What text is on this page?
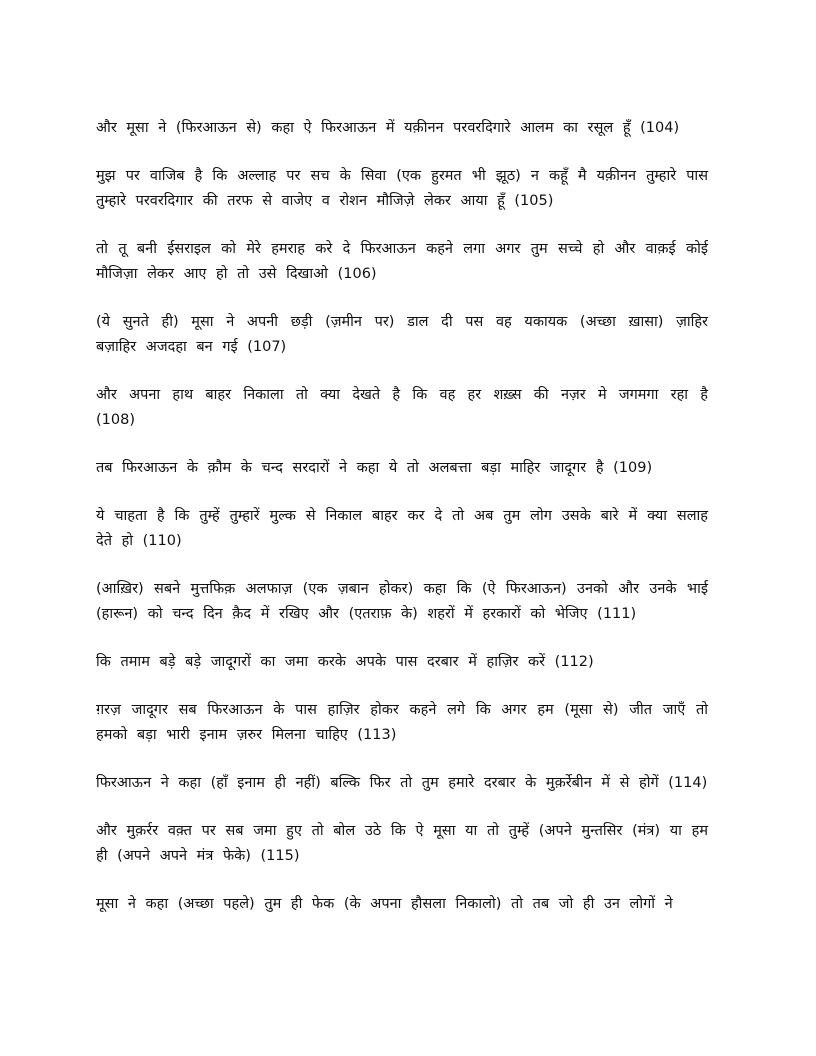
और मूसा ने (फिरआऊन से) कहा ऐ फिरआऊन में यक़ीनन परवरदिगारे आलम का रसूल हूँ (104)

मुझ पर वाजिब है कि अल्लाह पर सच के सिवा (एक हुरमत भी झूठ) न कहूँ मै यक़ीनन तुम्हारे पास तुम्हारे परवरदिगार की तरफ से वाजेए व रोशन मौजिज़े लेकर आया हूँ (105)

तो तू बनी ईसराइल को मेरे हमराह करे दे फिरआऊन कहने लगा अगर तुम सच्चे हो और वाक़ई कोई मौजिज़ा लेकर आए हो तो उसे दिखाओ (106)

(ये सुनते ही) मूसा ने अपनी छड़ी (ज़मीन पर) डाल दी पस वह यकायक (अच्छा ख़ासा) ज़ाहिर बज़ाहिर अजदहा बन गई (107)

और अपना हाथ बाहर निकाला तो क्या देखते है कि वह हर शख़्स की नज़र मे जगमगा रहा है (108)

तब फिरआऊन के क़ौम के चन्द सरदारों ने कहा ये तो अलबत्ता बड़ा माहिर जादूगर है (109)

ये चाहता है कि तुम्हें तुम्हारें मुल्क से निकाल बाहर कर दे तो अब तुम लोग उसके बारे में क्या सलाह देते हो (110)

(आख़िर) सबने मुत्तफिक़ अलफाज़ (एक ज़बान होकर) कहा कि (ऐ फिरआऊन) उनको और उनके भाई (हारून) को चन्द दिन क़ैद में रखिए और (एतराफ़ के) शहरों में हरकारों को भेजिए (111)

कि तमाम बड़े बड़े जादूगरों का जमा करके अपके पास दरबार में हाज़िर करें (112)

ग़रज़ जादूगर सब फिरआऊन के पास हाज़िर होकर कहने लगे कि अगर हम (मूसा से) जीत जाएँ तो हमको बड़ा भारी इनाम ज़रुर मिलना चाहिए (113)

फिरआऊन ने कहा (हाँ इनाम ही नहीं) बल्कि फिर तो तुम हमारे दरबार के मुक़र्रेबीन में से होगें (114)

और मुक़र्रर वक़्त पर सब जमा हुए तो बोल उठे कि ऐ मूसा या तो तुम्हें (अपने मुन्तसिर (मंत्र) या हम ही (अपने अपने मंत्र फेके) (115)

मूसा ने कहा (अच्छा पहले) तुम ही फेक (के अपना हौसला निकालो) तो तब जो ही उन लोगों ने
